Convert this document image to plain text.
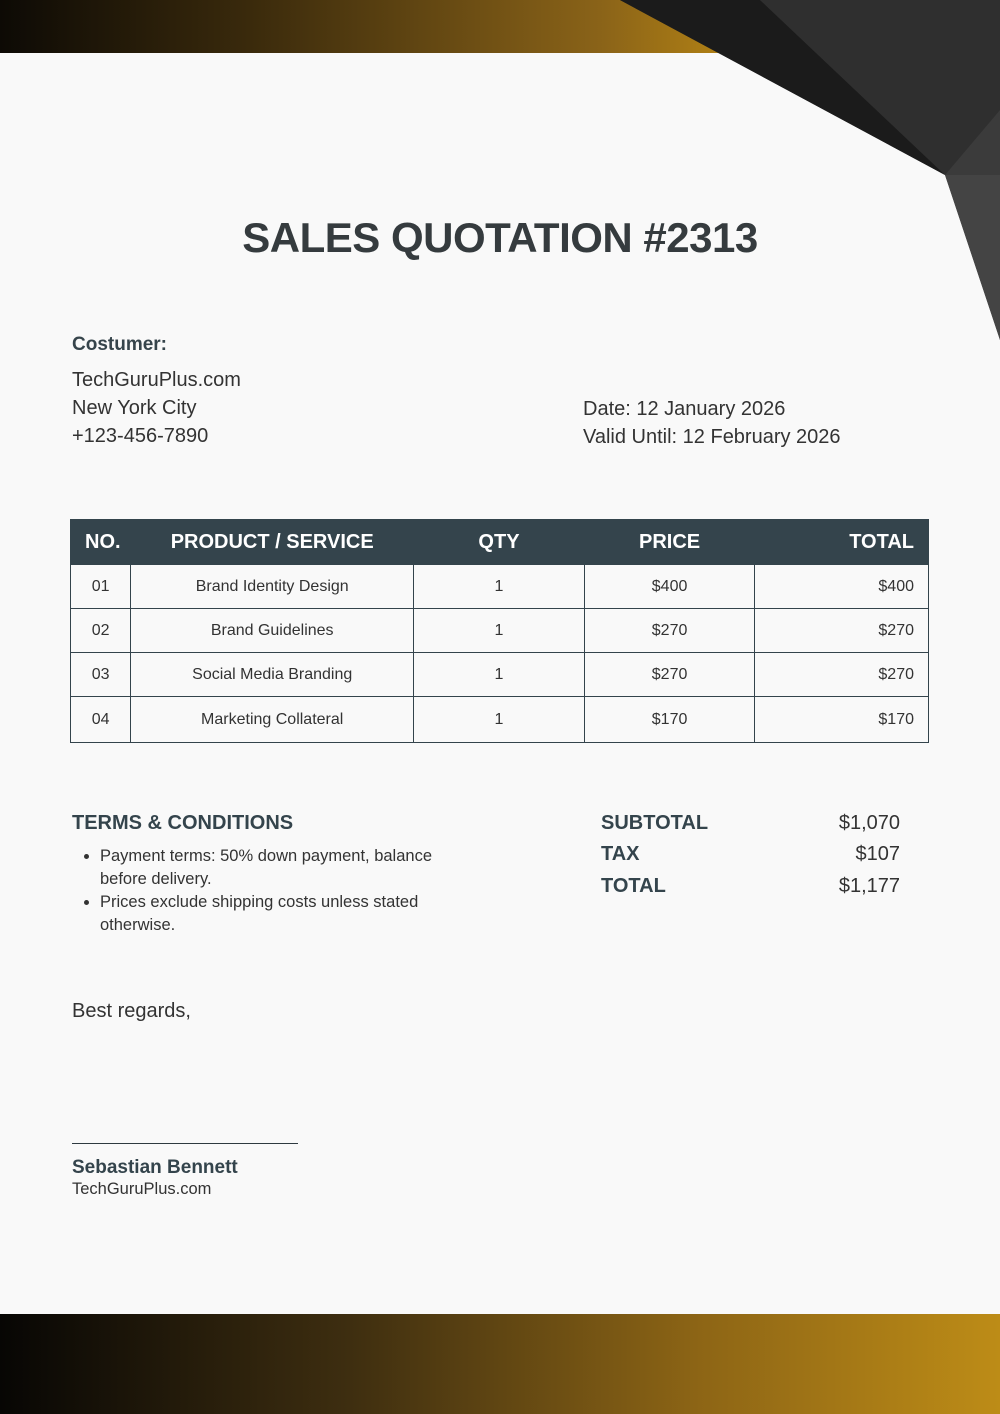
SALES QUOTATION #2313
Costumer:
TechGuruPlus.com
New York City
+123-456-7890
Date: 12 January 2026
Valid Until: 12 February 2026
NO.	PRODUCT / SERVICE	QTY	PRICE	TOTAL
01	Brand Identity Design	1	$400	$400
02	Brand Guidelines	1	$270	$270
03	Social Media Branding	1	$270	$270
04	Marketing Collateral	1	$170	$170
TERMS & CONDITIONS
• Payment terms: 50% down payment, balance before delivery.
• Prices exclude shipping costs unless stated otherwise.
SUBTOTAL	$1,070
TAX	$107
TOTAL	$1,177
Best regards,
Sebastian Bennett
TechGuruPlus.com
